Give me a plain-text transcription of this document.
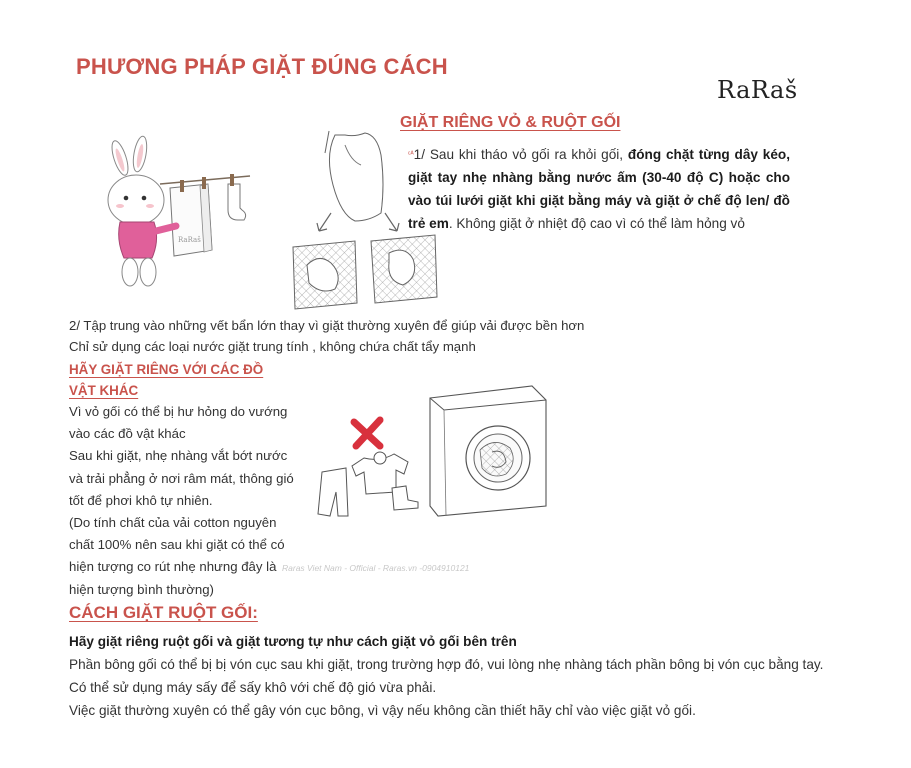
PHƯƠNG PHÁP GIẶT ĐÚNG CÁCH
RaRaš
RaRaš
GIẶT RIÊNG VỎ & RUỘT GỐI
$^{ᶜᴬ}$1/ Sau khi tháo vỏ gối ra khỏi gối, đóng chặt từng dây kéo, giặt tay nhẹ nhàng bằng nước ấm (30-40 độ C) hoặc cho vào túi lưới giặt khi giặt bằng máy và giặt ở chế độ len/ đồ trẻ em. Không giặt ở nhiệt độ cao vì có thể làm hỏng vỏ
2/ Tập trung vào những vết bẩn lớn thay vì giặt thường xuyên để giúp vải được bền hơn
Chỉ sử dụng các loại nước giặt trung tính , không chứa chất tẩy mạnh
HÃY GIẶT RIÊNG VỚI CÁC ĐỒ VẬT KHÁC
Vì vỏ gối có thể bị hư hỏng do vướng vào các đồ vật khác
Sau khi giặt, nhẹ nhàng vắt bớt nước và trải phẳng ở nơi râm mát, thông gió tốt để phơi khô tự nhiên.
(Do tính chất của vải cotton nguyên chất 100% nên sau khi giặt có thể có hiện tượng co rút nhẹ nhưng đây là hiện tượng bình thường)
Raras Viet Nam - Official - Raras.vn -0904910121
CÁCH GIẶT RUỘT GỐI:
Hãy giặt riêng ruột gối và giặt tương tự như cách giặt vỏ gối bên trên
Phần bông gối có thể bị bị vón cục sau khi giặt, trong trường hợp đó, vui lòng nhẹ nhàng tách phần bông bị vón cục bằng tay.
Có thể sử dụng máy sấy để sấy khô với chế độ gió vừa phải.
Việc giặt thường xuyên có thể gây vón cục bông, vì vậy nếu không cần thiết hãy chỉ vào việc giặt vỏ gối.
